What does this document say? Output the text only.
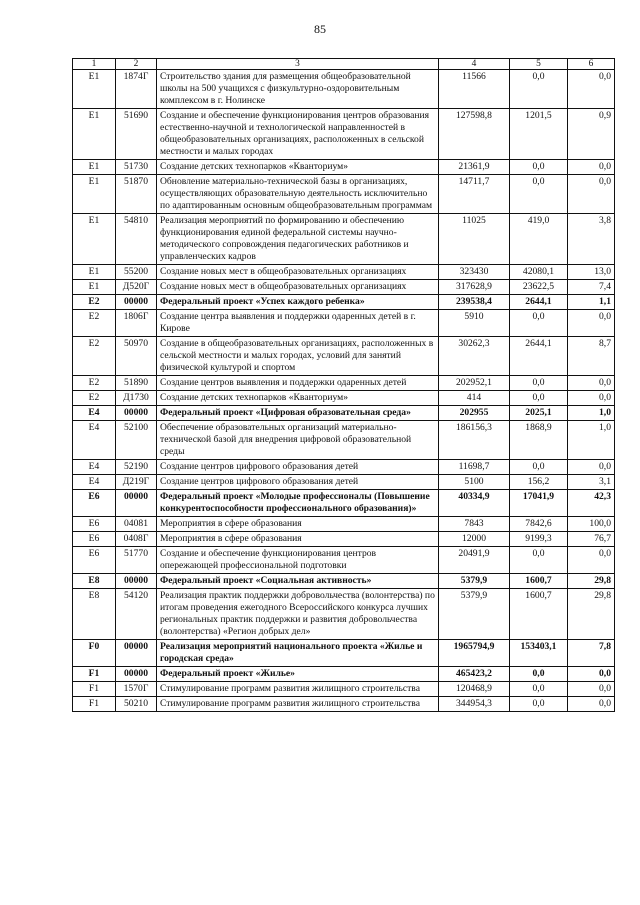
85
1	2	3	4	5	6
E1	1874Г	Строительство здания для размещения общеобразовательной школы на 500 учащихся с физкультурно-оздоровительным комплексом в г. Нолинске	11566	0,0	0,0
E1	51690	Создание и обеспечение функционирования центров образования естественно-научной и технологической направленностей в общеобразовательных организациях, расположенных в сельской местности и малых городах	127598,8	1201,5	0,9
E1	51730	Создание детских технопарков «Кванториум»	21361,9	0,0	0,0
E1	51870	Обновление материально-технической базы в организациях, осуществляющих образовательную деятельность исключительно по адаптированным основным общеобразовательным программам	14711,7	0,0	0,0
E1	54810	Реализация мероприятий по формированию и обеспечению функционирования единой федеральной системы научно-методического сопровождения педагогических работников и управленческих кадров	11025	419,0	3,8
E1	55200	Создание новых мест в общеобразовательных организациях	323430	42080,1	13,0
E1	Д520Г	Создание новых мест в общеобразовательных организациях	317628,9	23622,5	7,4
E2	00000	Федеральный проект «Успех каждого ребенка»	239538,4	2644,1	1,1
E2	1806Г	Создание центра выявления и поддержки одаренных детей в г. Кирове	5910	0,0	0,0
E2	50970	Создание в общеобразовательных организациях, расположенных в сельской местности и малых городах, условий для занятий физической культурой и спортом	30262,3	2644,1	8,7
E2	51890	Создание центров выявления и поддержки одаренных детей	202952,1	0,0	0,0
E2	Д1730	Создание детских технопарков «Кванториум»	414	0,0	0,0
E4	00000	Федеральный проект «Цифровая образовательная среда»	202955	2025,1	1,0
E4	52100	Обеспечение образовательных организаций материально-технической базой для внедрения цифровой образовательной среды	186156,3	1868,9	1,0
E4	52190	Создание центров цифрового образования детей	11698,7	0,0	0,0
E4	Д219Г	Создание центров цифрового образования детей	5100	156,2	3,1
E6	00000	Федеральный проект «Молодые профессионалы (Повышение конкурентоспособности профессионального образования)»	40334,9	17041,9	42,3
E6	04081	Мероприятия в сфере образования	7843	7842,6	100,0
E6	0408Г	Мероприятия в сфере образования	12000	9199,3	76,7
E6	51770	Создание и обеспечение функционирования центров опережающей профессиональной подготовки	20491,9	0,0	0,0
E8	00000	Федеральный проект «Социальная активность»	5379,9	1600,7	29,8
E8	54120	Реализация практик поддержки добровольчества (волонтерства) по итогам проведения ежегодного Всероссийского конкурса лучших региональных практик поддержки и развития добровольчества (волонтерства) «Регион добрых дел»	5379,9	1600,7	29,8
F0	00000	Реализация мероприятий национального проекта «Жилье и городская среда»	1965794,9	153403,1	7,8
F1	00000	Федеральный проект «Жилье»	465423,2	0,0	0,0
F1	1570Г	Стимулирование программ развития жилищного строительства	120468,9	0,0	0,0
F1	50210	Стимулирование программ развития жилищного строительства	344954,3	0,0	0,0
